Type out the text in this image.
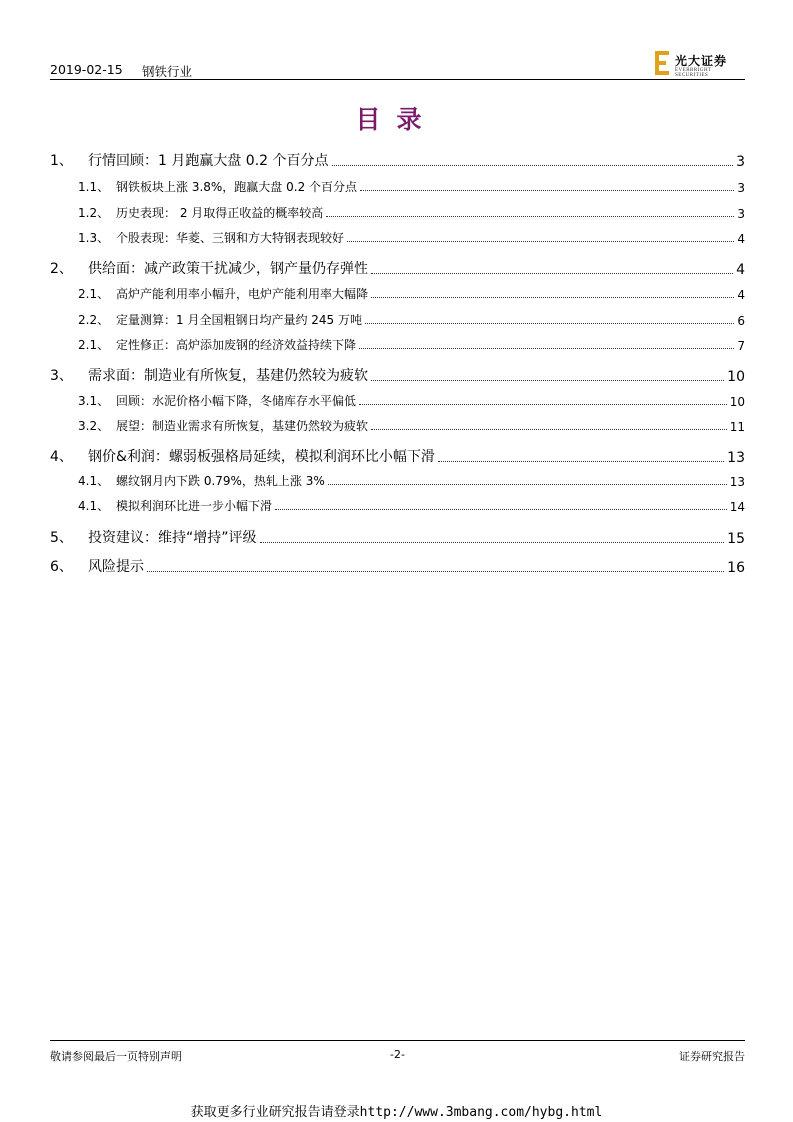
2019-02-15 钢铁行业
光大证券
EVERBRIGHT SECURITIES
目录
1、	行情回顾：1 月跑赢大盘 0.2 个百分点	3
1.1、 钢铁板块上涨 3.8%，跑赢大盘 0.2 个百分点	3
1.2、 历史表现： 2 月取得正收益的概率较高	3
1.3、 个股表现：华菱、三钢和方大特钢表现较好	4
2、	供给面：减产政策干扰减少，钢产量仍存弹性	4
2.1、 高炉产能利用率小幅升，电炉产能利用率大幅降	4
2.2、 定量测算：1 月全国粗钢日均产量约 245 万吨	6
2.1、 定性修正：高炉添加废钢的经济效益持续下降	7
3、	需求面：制造业有所恢复，基建仍然较为疲软	10
3.1、 回顾：水泥价格小幅下降，冬储库存水平偏低	10
3.2、 展望：制造业需求有所恢复，基建仍然较为疲软	11
4、	钢价&利润：螺弱板强格局延续，模拟利润环比小幅下滑	13
4.1、 螺纹钢月内下跌 0.79%，热轧上涨 3%	13
4.1、 模拟利润环比进一步小幅下滑	14
5、	投资建议：维持“增持”评级	15
6、	风险提示	16
敬请参阅最后一页特别声明	-2-	证券研究报告
获取更多行业研究报告请登录http://www.3mbang.com/hybg.html
